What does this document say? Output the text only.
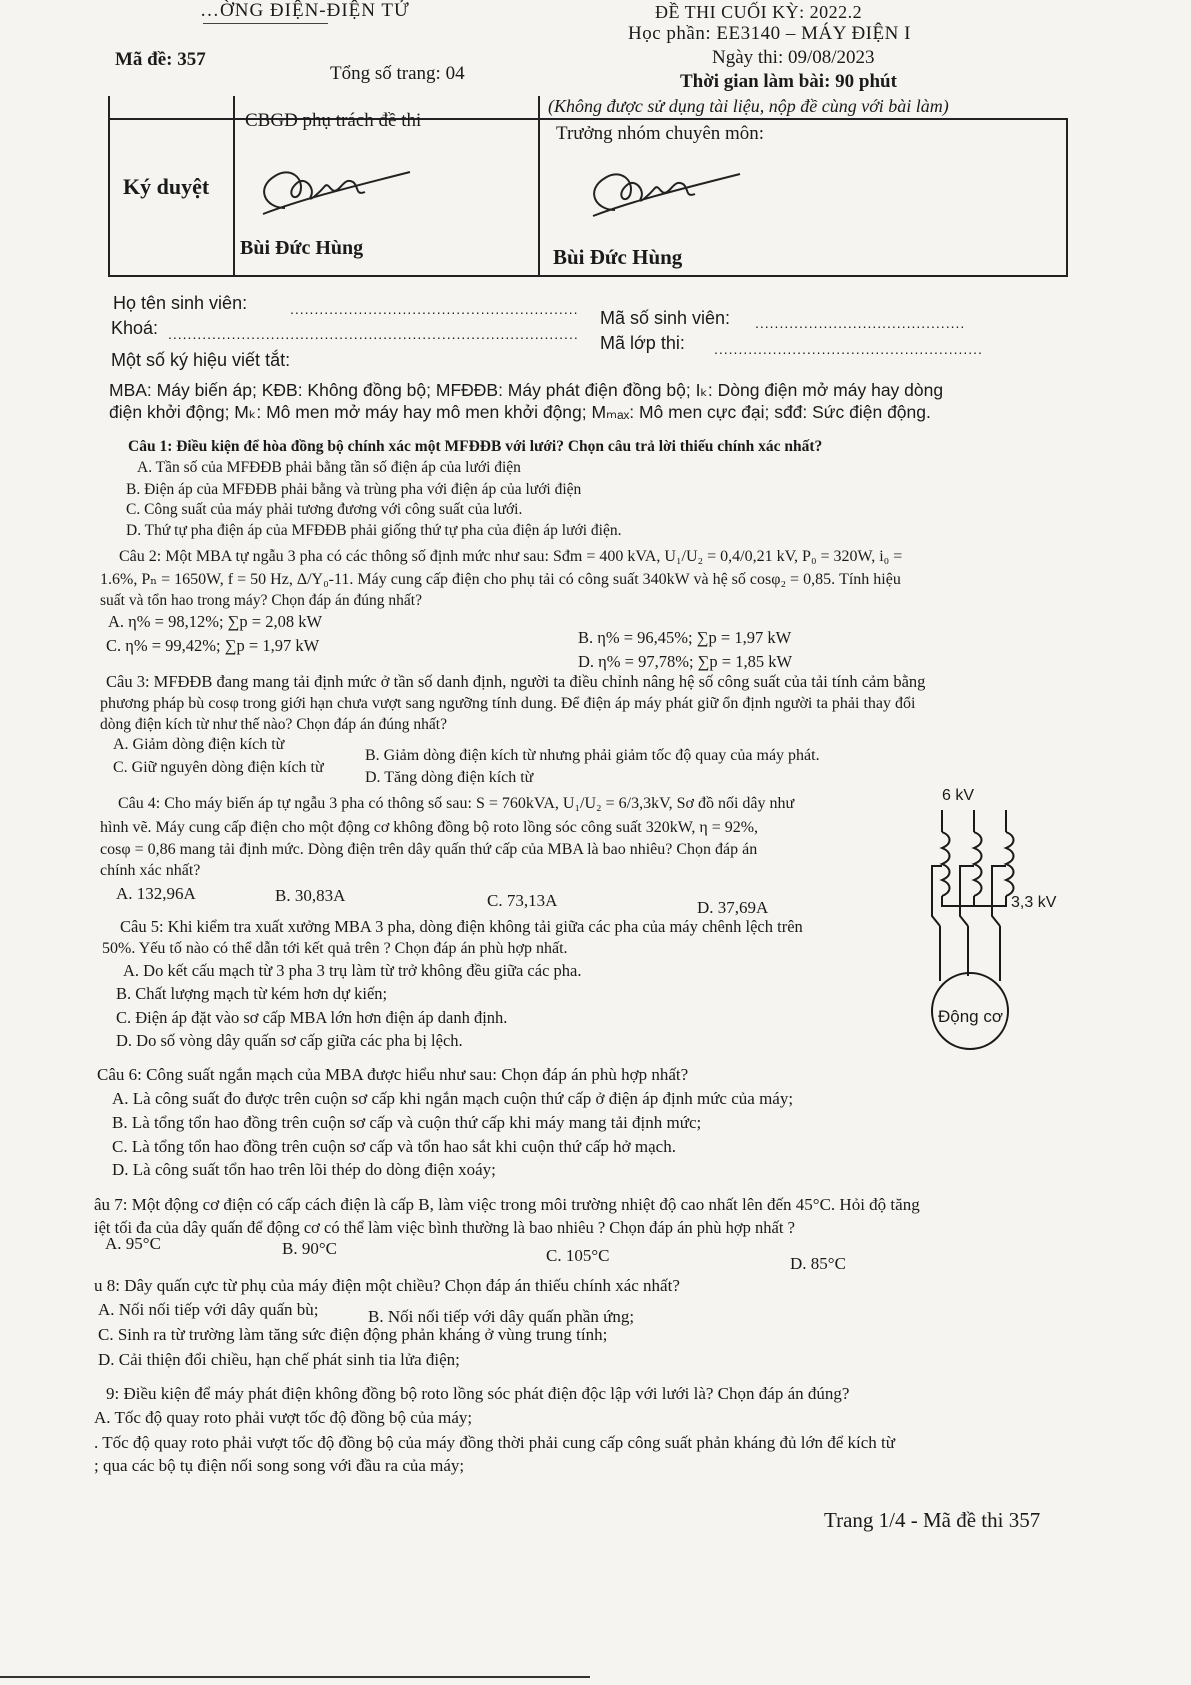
…ỜNG ĐIỆN-ĐIỆN TỬ	ĐỀ THI CUỐI KỲ: 2022.2
Học phần: EE3140 – MÁY ĐIỆN I
Mã đề: 357	Ngày thi: 09/08/2023
Tổng số trang: 04	Thời gian làm bài: 90 phút
(Không được sử dụng tài liệu, nộp đề cùng với bài làm)
CBGD phụ trách đề thi
Trưởng nhóm chuyên môn:
Ký duyệt
Bùi Đức Hùng	Bùi Đức Hùng
Họ tên sinh viên:	........................................................... Mã số sinh viên: ...........................................
Khoá: .................................................................................... Mã lớp thi: .......................................................
Một số ký hiệu viết tắt:
MBA: Máy biến áp; KĐB: Không đồng bộ; MFĐĐB: Máy phát điện đồng bộ; Iₖ: Dòng điện mở máy hay dòng
điện khởi động; Mₖ: Mô men mở máy hay mô men khởi động; Mₘₐₓ: Mô men cực đại; sđđ: Sức điện động.
Câu 1: Điều kiện để hòa đồng bộ chính xác một MFĐĐB với lưới? Chọn câu trả lời thiếu chính xác nhất?
A. Tần số của MFĐĐB phải bằng tần số điện áp của lưới điện
B. Điện áp của MFĐĐB phải bằng và trùng pha với điện áp của lưới điện
C. Công suất của máy phải tương đương với công suất của lưới.
D. Thứ tự pha điện áp của MFĐĐB phải giống thứ tự pha của điện áp lưới điện.
Câu 2: Một MBA tự ngẫu 3 pha có các thông số định mức như sau: Sđm = 400 kVA, U₁/U₂ = 0,4/0,21 kV, P₀ = 320W, i₀ =
1.6%, Pₙ = 1650W, f = 50 Hz, Δ/Y₀-11. Máy cung cấp điện cho phụ tải có công suất 340kW và hệ số cosφ₂ = 0,85. Tính hiệu
suất và tổn hao trong máy? Chọn đáp án đúng nhất?
A. η% = 98,12%; ∑p = 2,08 kW
B. η% = 96,45%; ∑p = 1,97 kW
C. η% = 99,42%; ∑p = 1,97 kW
D. η% = 97,78%; ∑p = 1,85 kW
Câu 3: MFĐĐB đang mang tải định mức ở tần số danh định, người ta điều chỉnh nâng hệ số công suất của tải tính cảm bằng
phương pháp bù cosφ trong giới hạn chưa vượt sang ngưỡng tính dung. Để điện áp máy phát giữ ổn định người ta phải thay đổi
dòng điện kích từ như thế nào? Chọn đáp án đúng nhất?
A. Giảm dòng điện kích từ
B. Giảm dòng điện kích từ nhưng phải giảm tốc độ quay của máy phát.
C. Giữ nguyên dòng điện kích từ
D. Tăng dòng điện kích từ
Câu 4: Cho máy biến áp tự ngẫu 3 pha có thông số sau: S = 760kVA, U₁/U₂ = 6/3,3kV, Sơ đồ nối dây như
hình vẽ. Máy cung cấp điện cho một động cơ không đồng bộ roto lồng sóc công suất 320kW, η = 92%,
cosφ = 0,86 mang tải định mức. Dòng điện trên dây quấn thứ cấp của MBA là bao nhiêu? Chọn đáp án
chính xác nhất?
A. 132,96A	B. 30,83A	C. 73,13A	D. 37,69A
6 kV
3,3 kV
Động cơ
Câu 5: Khi kiểm tra xuất xưởng MBA 3 pha, dòng điện không tải giữa các pha của máy chênh lệch trên
50%. Yếu tố nào có thể dẫn tới kết quả trên ? Chọn đáp án phù hợp nhất.
A. Do kết cấu mạch từ 3 pha 3 trụ làm từ trở không đều giữa các pha.
B. Chất lượng mạch từ kém hơn dự kiến;
C. Điện áp đặt vào sơ cấp MBA lớn hơn điện áp danh định.
D. Do số vòng dây quấn sơ cấp giữa các pha bị lệch.
Câu 6: Công suất ngắn mạch của MBA được hiểu như sau: Chọn đáp án phù hợp nhất?
A. Là công suất đo được trên cuộn sơ cấp khi ngắn mạch cuộn thứ cấp ở điện áp định mức của máy;
B. Là tổng tổn hao đồng trên cuộn sơ cấp và cuộn thứ cấp khi máy mang tải định mức;
C. Là tổng tổn hao đồng trên cuộn sơ cấp và tổn hao sắt khi cuộn thứ cấp hở mạch.
D. Là công suất tổn hao trên lõi thép do dòng điện xoáy;
âu 7: Một động cơ điện có cấp cách điện là cấp B, làm việc trong môi trường nhiệt độ cao nhất lên đến 45°C. Hỏi độ tăng
iệt tối đa của dây quấn để động cơ có thể làm việc bình thường là bao nhiêu ? Chọn đáp án phù hợp nhất ?
A. 95°C	B. 90°C	C. 105°C	D. 85°C
u 8: Dây quấn cực từ phụ của máy điện một chiều? Chọn đáp án thiếu chính xác nhất?
A. Nối nối tiếp với dây quấn bù;	B. Nối nối tiếp với dây quấn phần ứng;
C. Sinh ra từ trường làm tăng sức điện động phản kháng ở vùng trung tính;
D. Cải thiện đổi chiều, hạn chế phát sinh tia lửa điện;
9: Điều kiện để máy phát điện không đồng bộ roto lồng sóc phát điện độc lập với lưới là? Chọn đáp án đúng?
A. Tốc độ quay roto phải vượt tốc độ đồng bộ của máy;
. Tốc độ quay roto phải vượt tốc độ đồng bộ của máy đồng thời phải cung cấp công suất phản kháng đủ lớn để kích từ
; qua các bộ tụ điện nối song song với đầu ra của máy;
Trang 1/4 - Mã đề thi 357
